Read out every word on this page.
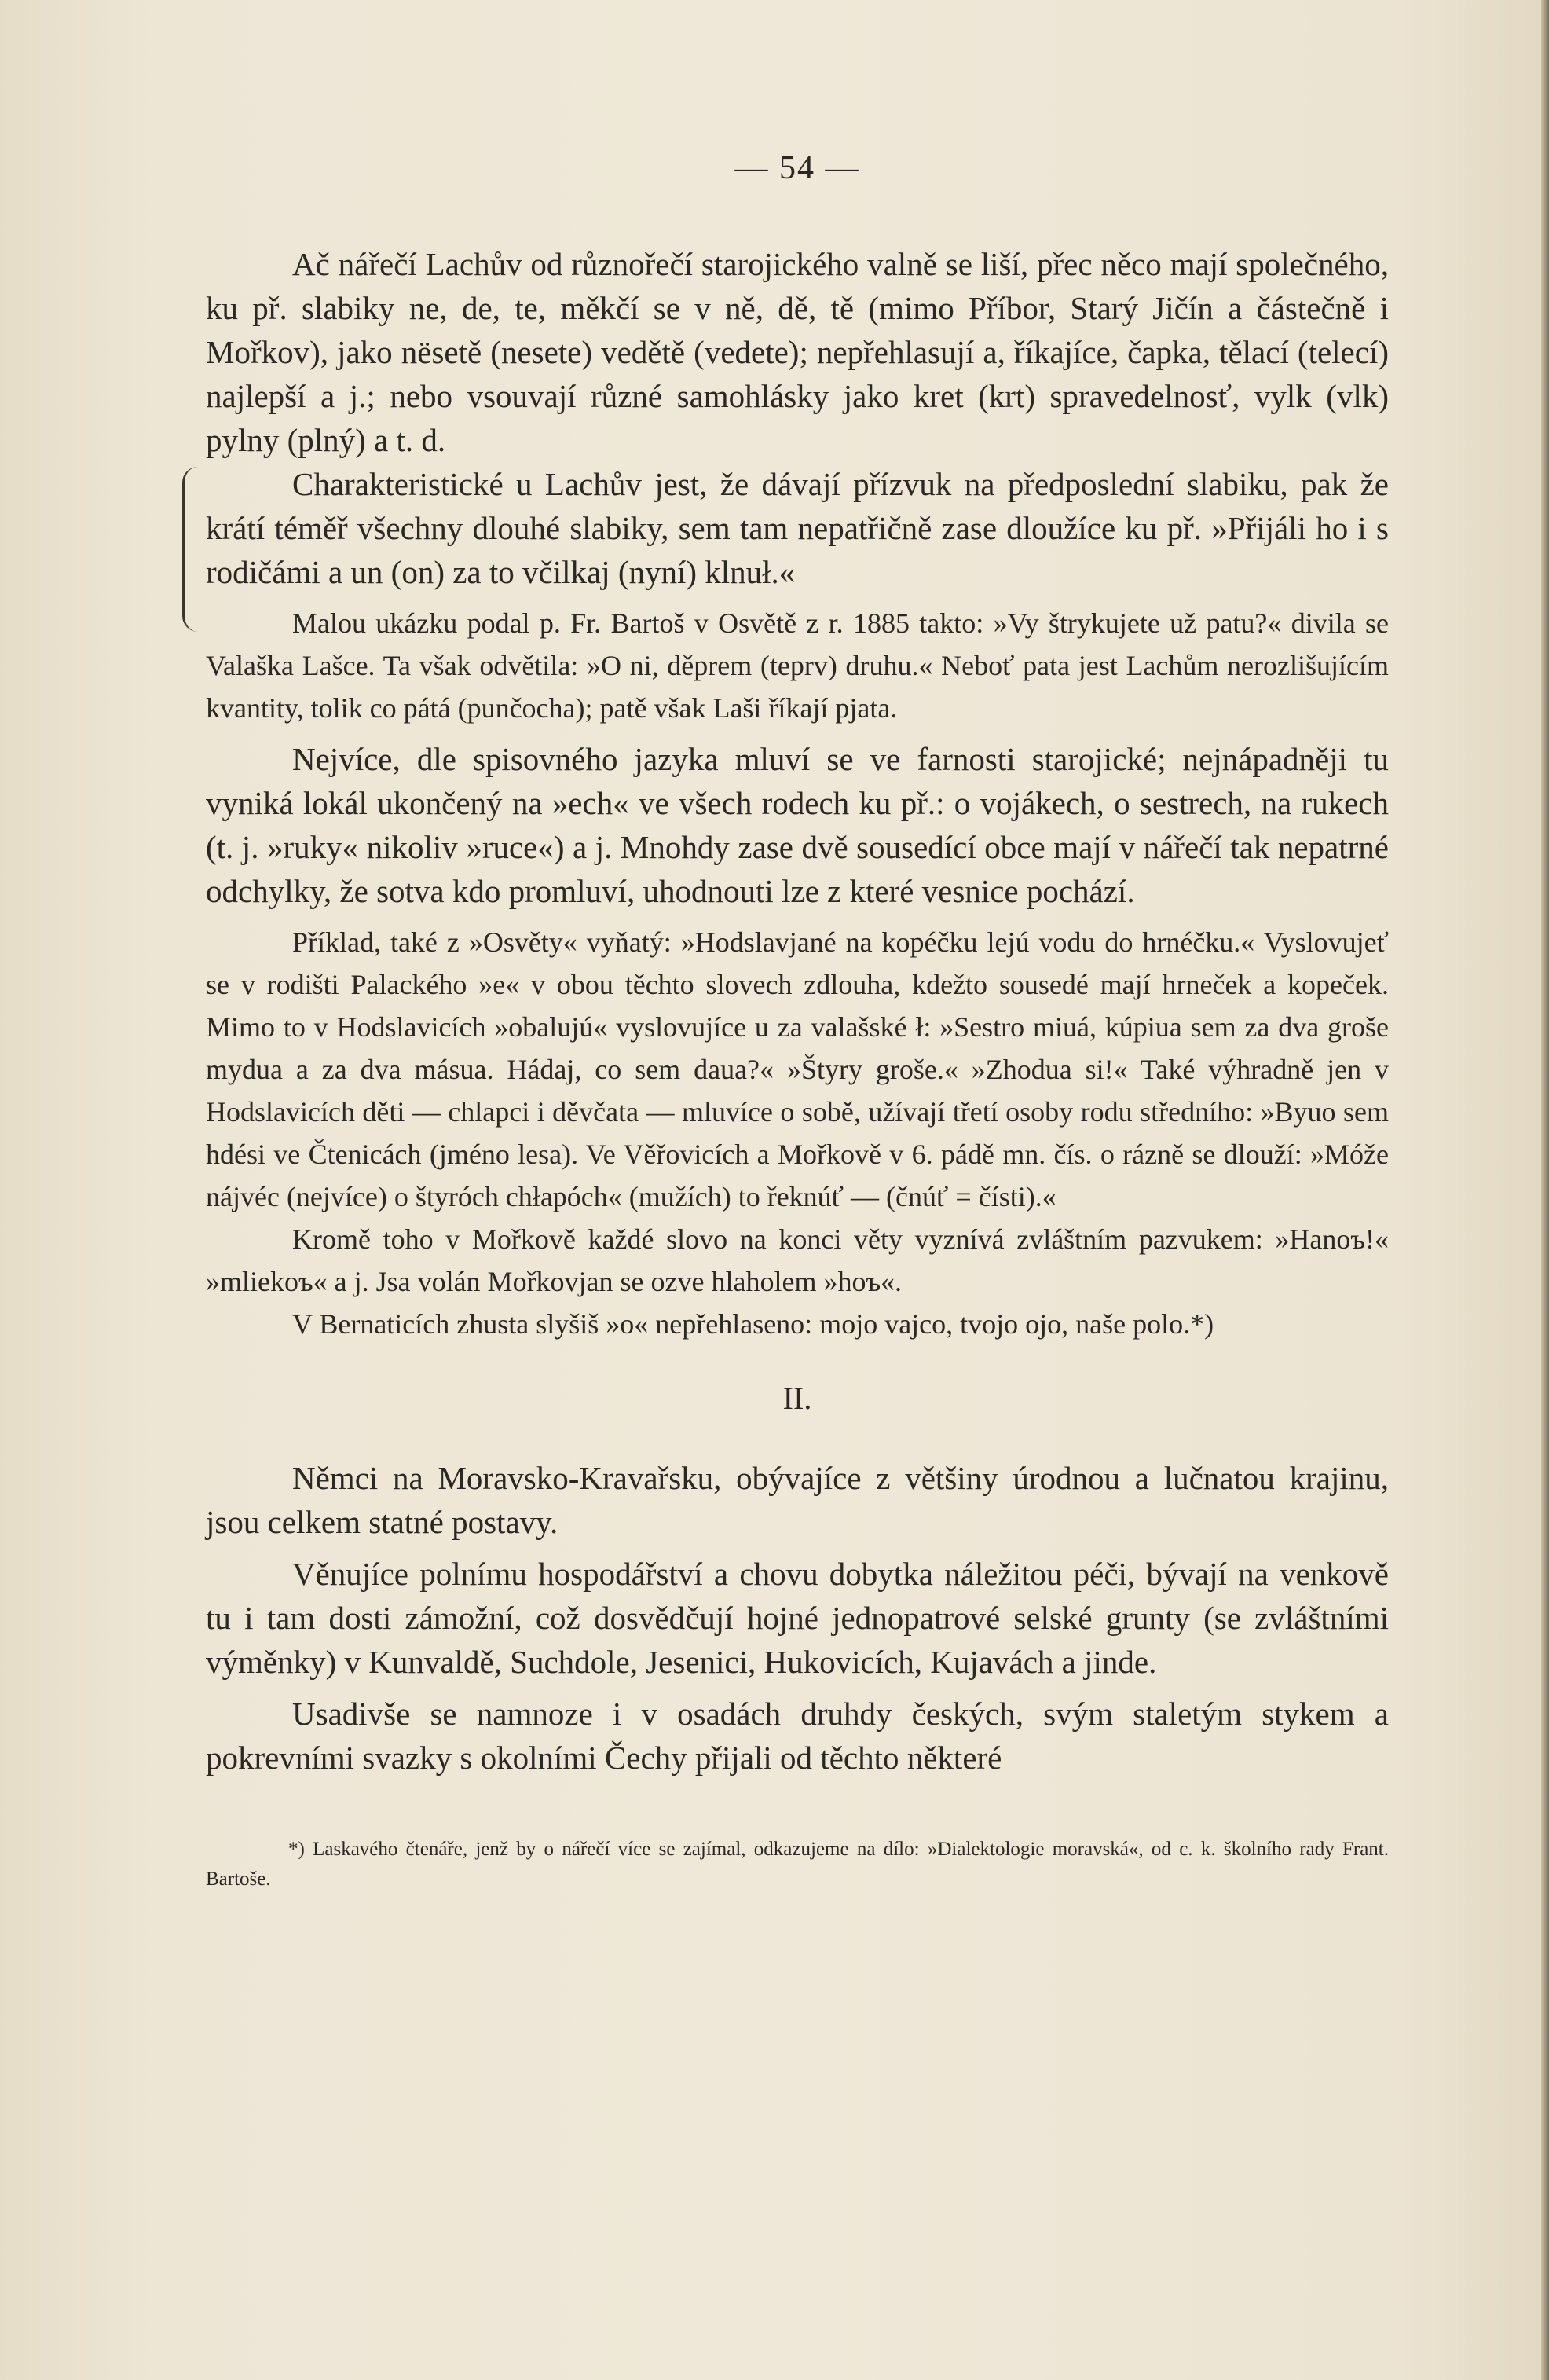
— 54 —

Ač nářečí Lachův od různořečí starojického valně se liší, přec něco mají společného, ku př. slabiky ne, de, te, měkčí se v ně, dě, tě (mimo Příbor, Starý Jičín a částečně i Mořkov), jako nësetě (nesete) vedětě (vedete); nepřehlasují a, říkajíce, čapka, tělací (telecí) najlepší a j.; nebo vsouvají různé samohlásky jako kret (krt) spravedelnosť, vylk (vlk) pylny (plný) a t. d.

Charakteristické u Lachův jest, že dávají přízvuk na předposlední slabiku, pak že krátí téměř všechny dlouhé slabiky, sem tam nepatřičně zase dloužíce ku př. »Přijáli ho i s rodičámi a un (on) za to včilkaj (nyní) klnuł.«

Malou ukázku podal p. Fr. Bartoš v Osvětě z r. 1885 takto: »Vy štrykujete už patu?« divila se Valaška Lašce. Ta však odvětila: »O ni, děprem (teprv) druhu.« Neboť pata jest Lachům nerozlišujícím kvantity, tolik co pátá (punčocha); patě však Laši říkají pjata.

Nejvíce, dle spisovného jazyka mluví se ve farnosti starojické; nejnápadněji tu vyniká lokál ukončený na »ech« ve všech rodech ku př.: o vojákech, o sestrech, na rukech (t. j. »ruky« nikoliv »ruce«) a j. Mnohdy zase dvě sousedící obce mají v nářečí tak nepatrné odchylky, že sotva kdo promluví, uhodnouti lze z které vesnice pochází.

Příklad, také z »Osvěty« vyňatý: »Hodslavjané na kopéčku lejú vodu do hrnéčku.« Vyslovujeť se v rodišti Palackého »e« v obou těchto slovech zdlouha, kdežto sousedé mají hrneček a kopeček. Mimo to v Hodslavicích »obalujú« vyslovujíce u za valašské ł: »Sestro miuá, kúpiua sem za dva groše myduа a za dva másuа. Hádaj, co sem dauа?« »Štyry groše.« »Zhoduа si!« Také výhradně jen v Hodslavicích děti — chlapci i děvčata — mluvíce o sobě, užívají třetí osoby rodu středního: »Byuo sem hdési ve Čtenicách (jméno lesa). Ve Věřovicích a Mořkově v 6. pádě mn. čís. o rázně se dlouží: »Móže nájvéc (nejvíce) o štyróch chłapóch« (mužích) to řeknúť — (čnúť = čísti).«

Kromě toho v Mořkově každé slovo na konci věty vyznívá zvláštním pazvukem: »Hanoъ!« »mliekoъ« a j. Jsa volán Mořkovjan se ozve hlaholem »hoъ«.

V Bernaticích zhusta slyšiš »o« nepřehlaseno: mojo vajco, tvojo ojo, naše polo.*)

II.

Němci na Moravsko-Kravařsku, obývajíce z většiny úrodnou a lučnatou krajinu, jsou celkem statné postavy.

Věnujíce polnímu hospodářství a chovu dobytka náležitou péči, bývají na venkově tu i tam dosti zámožní, což dosvědčují hojné jednopatrové selské grunty (se zvláštními výměnky) v Kunvaldě, Suchdole, Jesenici, Hukovicích, Kujavách a jinde.

Usadivše se namnoze i v osadách druhdy českých, svým staletým stykem a pokrevními svazky s okolními Čechy přijali od těchto některé

*) Laskavého čtenáře, jenž by o nářečí více se zajímal, odkazujeme na dílo: »Dialektologie moravská«, od c. k. školního rady Frant. Bartoše.
